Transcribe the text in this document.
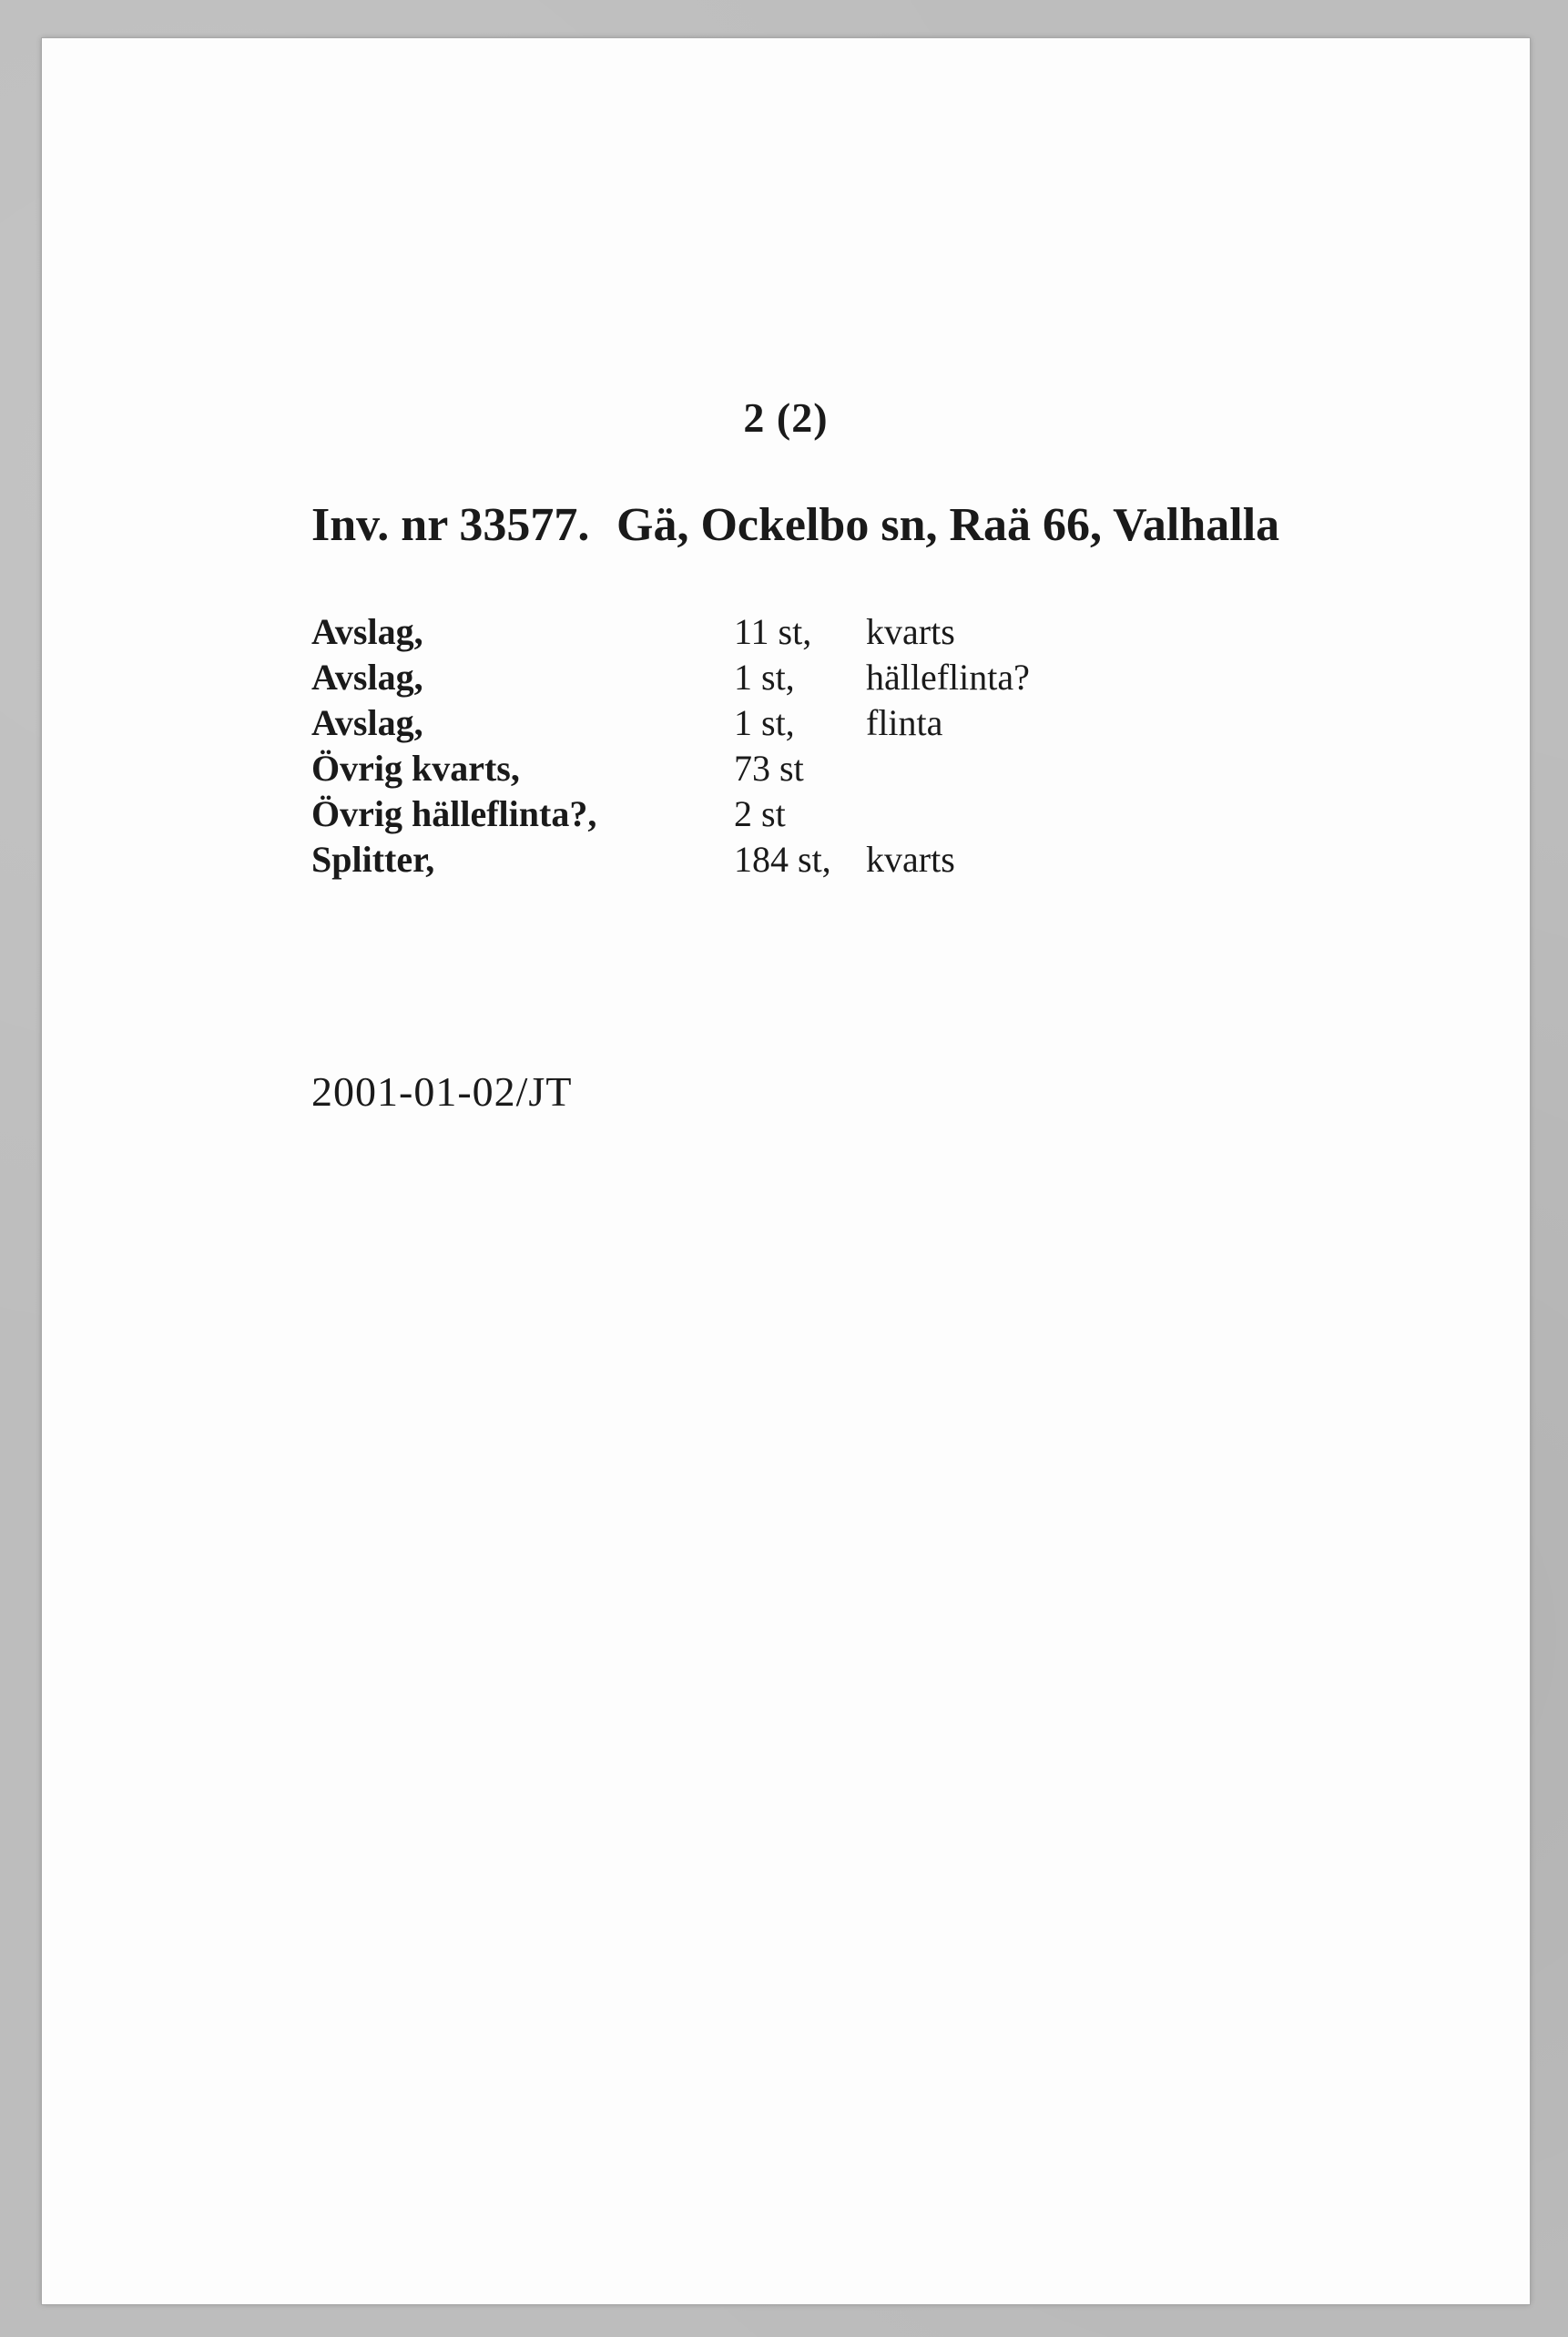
2 (2)
Inv. nr 33577. Gä, Ockelbo sn, Raä 66, Valhalla
Avslag,	11 st, kvarts
Avslag,	1 st, hälleflinta?
Avslag,	1 st, flinta
Övrig kvarts,	73 st
Övrig hälleflinta?,	2 st
Splitter,	184 st, kvarts
2001-01-02/JT
